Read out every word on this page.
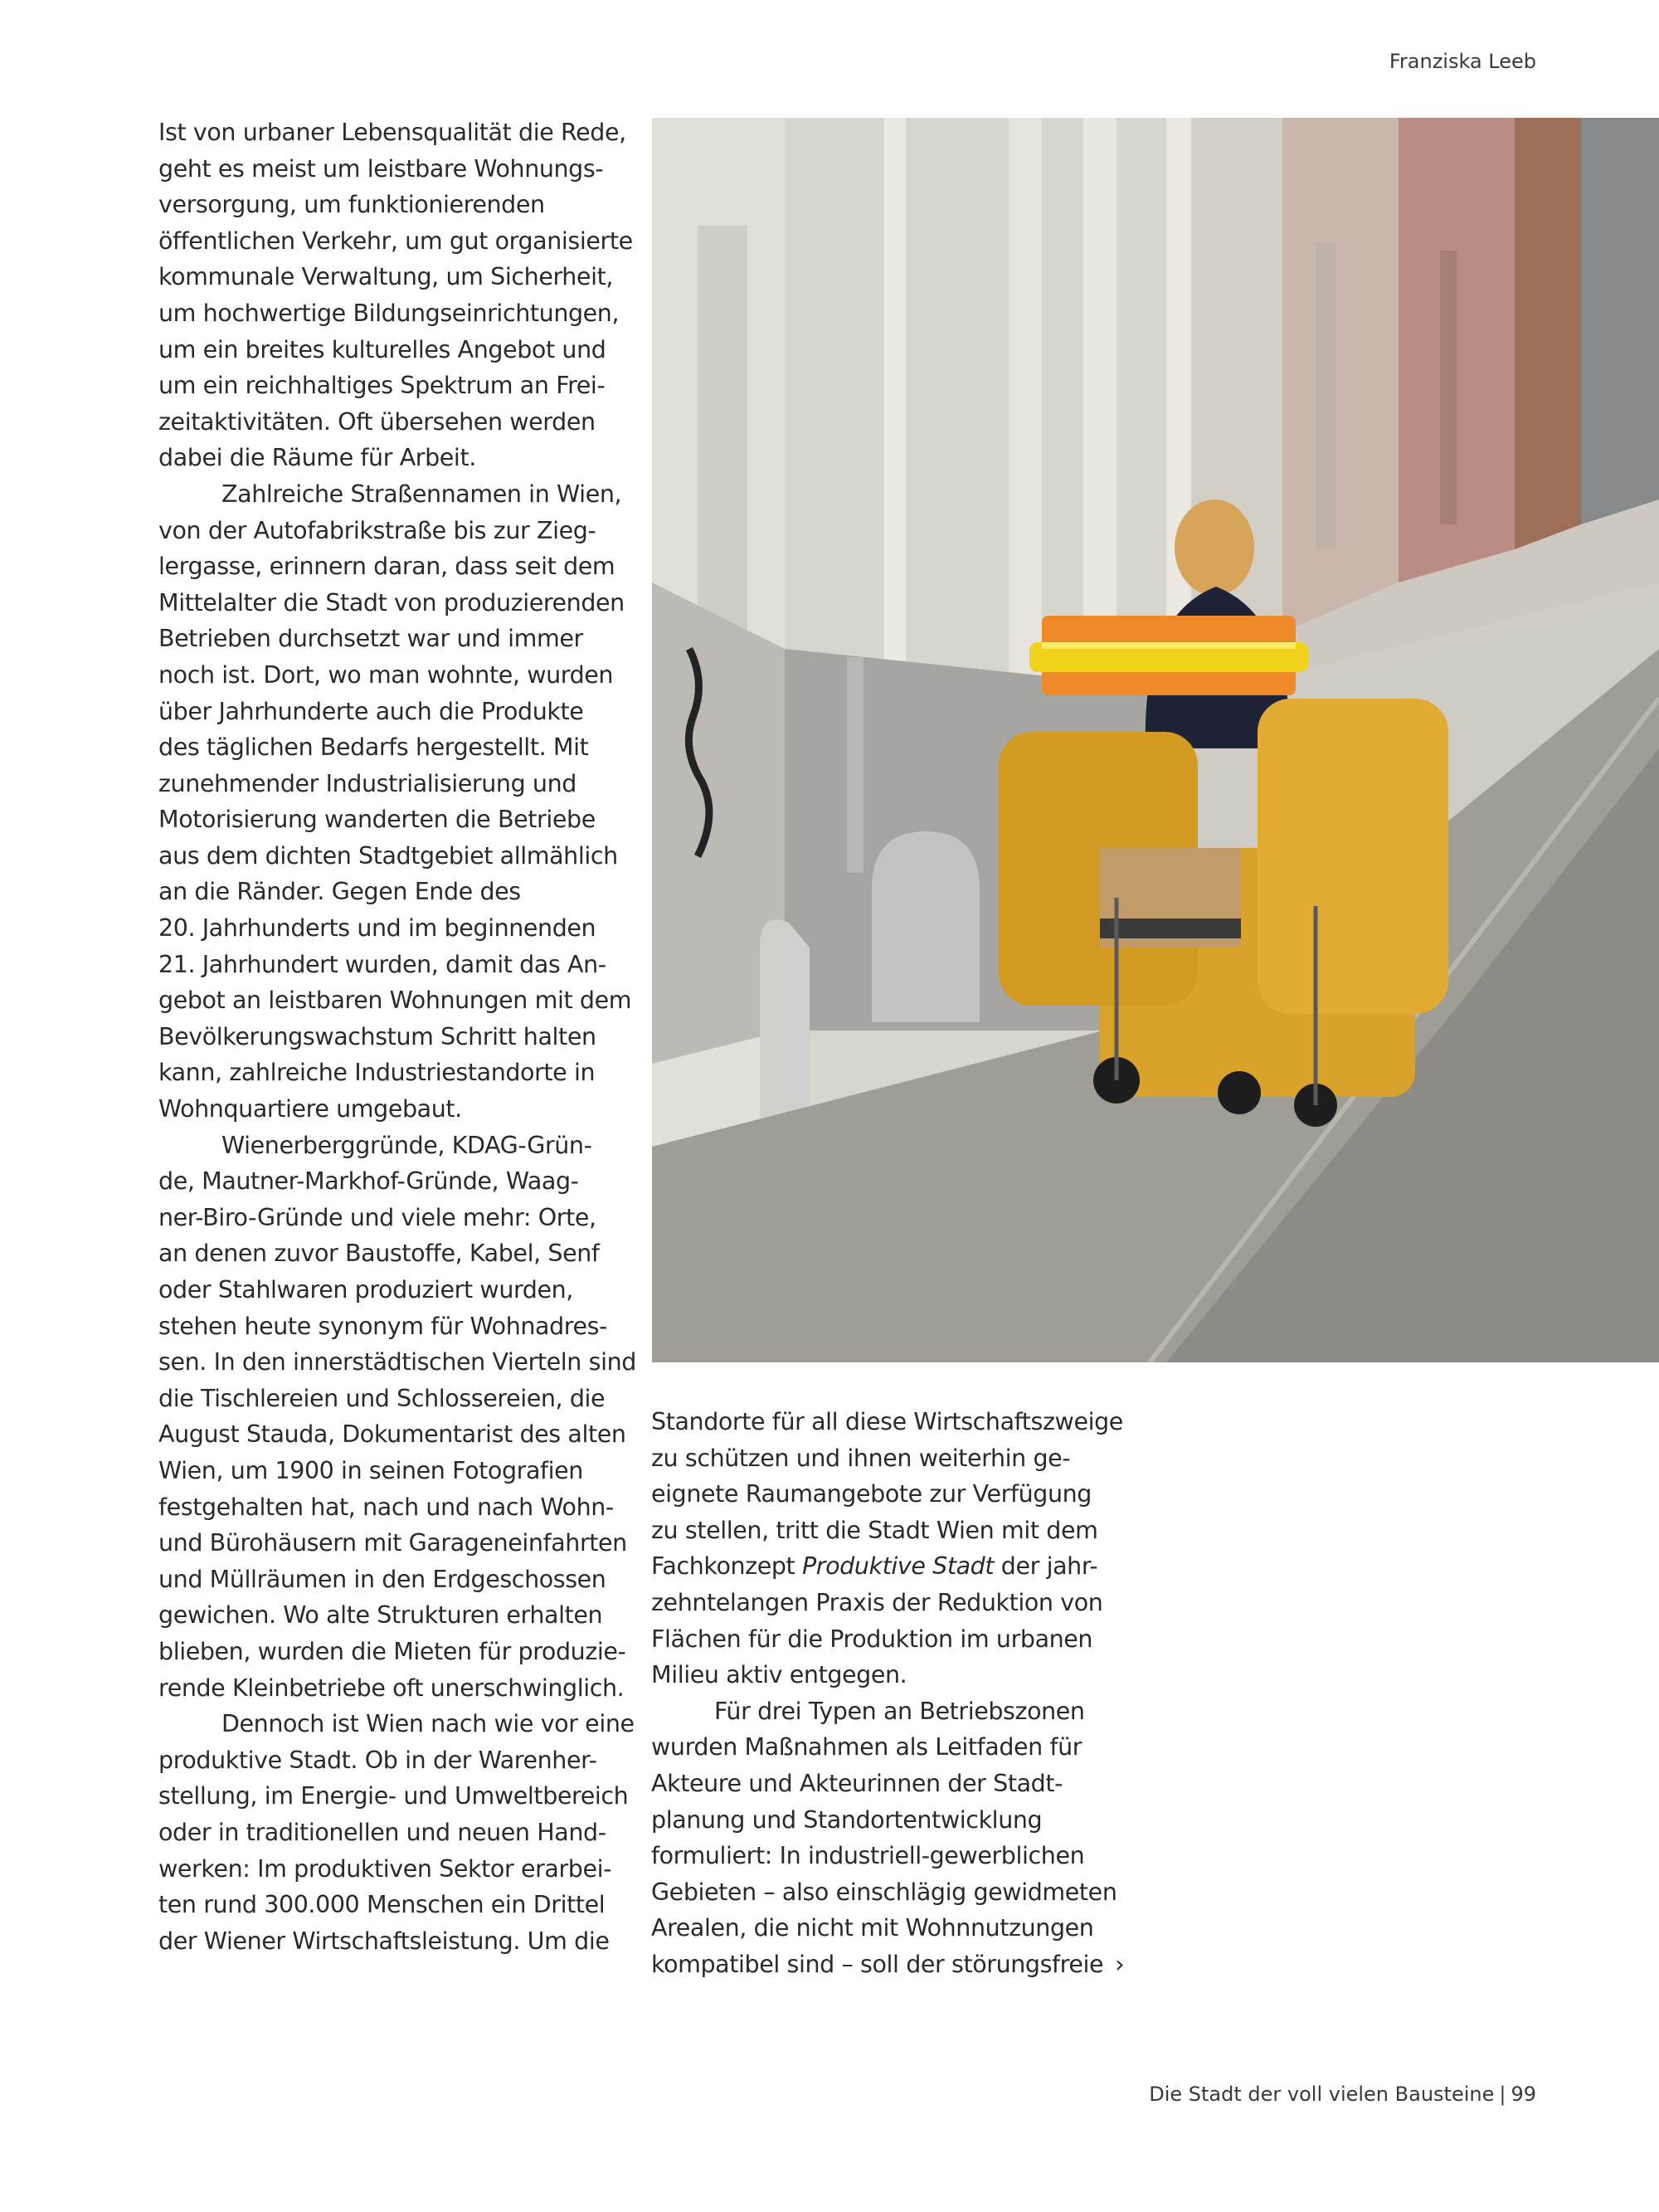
Franziska Leeb
Ist von urbaner Lebensqualität die Rede,
geht es meist um leistbare Wohnungs-
versorgung, um funktionierenden
öffentlichen Verkehr, um gut organisierte
kommunale Verwaltung, um Sicherheit,
um hochwertige Bildungseinrichtungen,
um ein breites kulturelles Angebot und
um ein reichhaltiges Spektrum an Frei-
zeitaktivitäten. Oft übersehen werden
dabei die Räume für Arbeit.
Zahlreiche Straßennamen in Wien,
von der Autofabrikstraße bis zur Zieg-
lergasse, erinnern daran, dass seit dem
Mittelalter die Stadt von produzierenden
Betrieben durchsetzt war und immer
noch ist. Dort, wo man wohnte, wurden
über Jahrhunderte auch die Produkte
des täglichen Bedarfs hergestellt. Mit
zunehmender Industrialisierung und
Motorisierung wanderten die Betriebe
aus dem dichten Stadtgebiet allmählich
an die Ränder. Gegen Ende des
20. Jahrhunderts und im beginnenden
21. Jahrhundert wurden, damit das An-
gebot an leistbaren Wohnungen mit dem
Bevölkerungswachstum Schritt halten
kann, zahlreiche Industriestandorte in
Wohnquartiere umgebaut.
Wienerberggründe, KDAG-Grün-
de, Mautner-Markhof-Gründe, Waag-
ner-Biro-Gründe und viele mehr: Orte,
an denen zuvor Baustoffe, Kabel, Senf
oder Stahlwaren produziert wurden,
stehen heute synonym für Wohnadres-
sen. In den innerstädtischen Vierteln sind
die Tischlereien und Schlossereien, die
August Stauda, Dokumentarist des alten
Wien, um 1900 in seinen Fotografien
festgehalten hat, nach und nach Wohn-
und Bürohäusern mit Garageneinfahrten
und Müllräumen in den Erdgeschossen
gewichen. Wo alte Strukturen erhalten
blieben, wurden die Mieten für produzie-
rende Kleinbetriebe oft unerschwinglich.
Dennoch ist Wien nach wie vor eine
produktive Stadt. Ob in der Warenher-
stellung, im Energie- und Umweltbereich
oder in traditionellen und neuen Hand-
werken: Im produktiven Sektor erarbei-
ten rund 300.000 Menschen ein Drittel
der Wiener Wirtschaftsleistung. Um die
Standorte für all diese Wirtschaftszweige
zu schützen und ihnen weiterhin ge-
eignete Raumangebote zur Verfügung
zu stellen, tritt die Stadt Wien mit dem
Fachkonzept Produktive Stadt der jahr-
zehntelangen Praxis der Reduktion von
Flächen für die Produktion im urbanen
Milieu aktiv entgegen.
Für drei Typen an Betriebszonen
wurden Maßnahmen als Leitfaden für
Akteure und Akteurinnen der Stadt-
planung und Standortentwicklung
formuliert: In industriell-gewerblichen
Gebieten – also einschlägig gewidmeten
Arealen, die nicht mit Wohnnutzungen
kompatibel sind – soll der störungsfreie ›
Die Stadt der voll vielen Bausteine | 99
